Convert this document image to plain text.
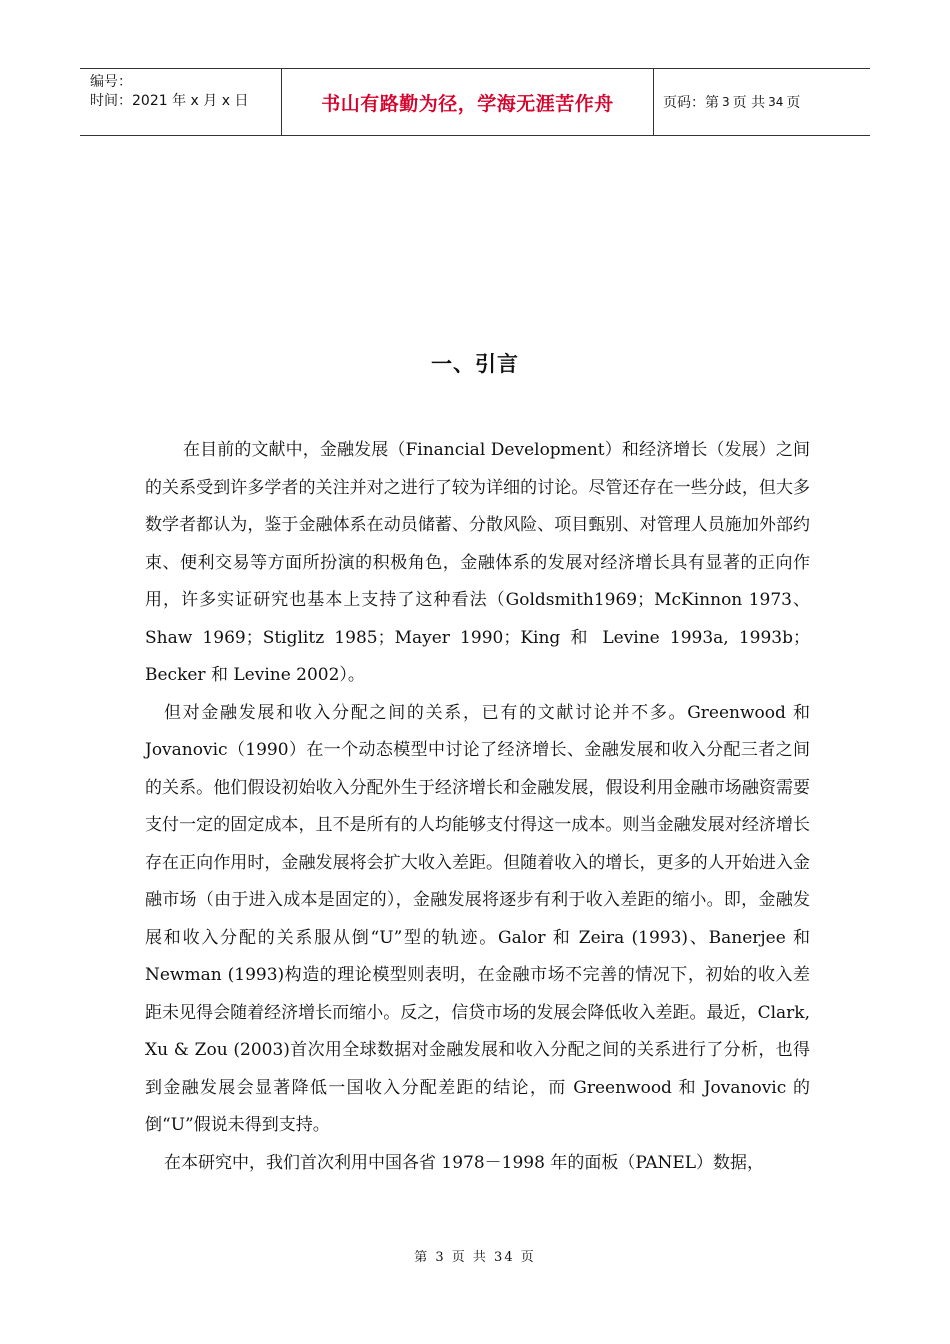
编号：
时间：2021 年 x 月 x 日	书山有路勤为径，学海无涯苦作舟	页码：第 3 页 共 34 页
一、引言

在目前的文献中，金融发展（Financial Development）和经济增长（发展）之间的关系受到许多学者的关注并对之进行了较为详细的讨论。尽管还存在一些分歧，但大多数学者都认为，鉴于金融体系在动员储蓄、分散风险、项目甄别、对管理人员施加外部约束、便利交易等方面所扮演的积极角色，金融体系的发展对经济增长具有显著的正向作用，许多实证研究也基本上支持了这种看法（Goldsmith1969；McKinnon 1973、Shaw 1969；Stiglitz 1985；Mayer 1990；King 和 Levine 1993a, 1993b；Becker 和 Levine 2002）。

但对金融发展和收入分配之间的关系，已有的文献讨论并不多。Greenwood 和 Jovanovic（1990）在一个动态模型中讨论了经济增长、金融发展和收入分配三者之间的关系。他们假设初始收入分配外生于经济增长和金融发展，假设利用金融市场融资需要支付一定的固定成本，且不是所有的人均能够支付得这一成本。则当金融发展对经济增长存在正向作用时，金融发展将会扩大收入差距。但随着收入的增长，更多的人开始进入金融市场（由于进入成本是固定的），金融发展将逐步有利于收入差距的缩小。即，金融发展和收入分配的关系服从倒“U”型的轨迹。Galor 和 Zeira (1993)、Banerjee 和 Newman (1993)构造的理论模型则表明，在金融市场不完善的情况下，初始的收入差距未见得会随着经济增长而缩小。反之，信贷市场的发展会降低收入差距。最近，Clark, Xu & Zou (2003)首次用全球数据对金融发展和收入分配之间的关系进行了分析，也得到金融发展会显著降低一国收入分配差距的结论，而 Greenwood 和 Jovanovic 的倒“U”假说未得到支持。

在本研究中，我们首次利用中国各省 1978－1998 年的面板（PANEL）数据，

第 3 页 共 34 页
